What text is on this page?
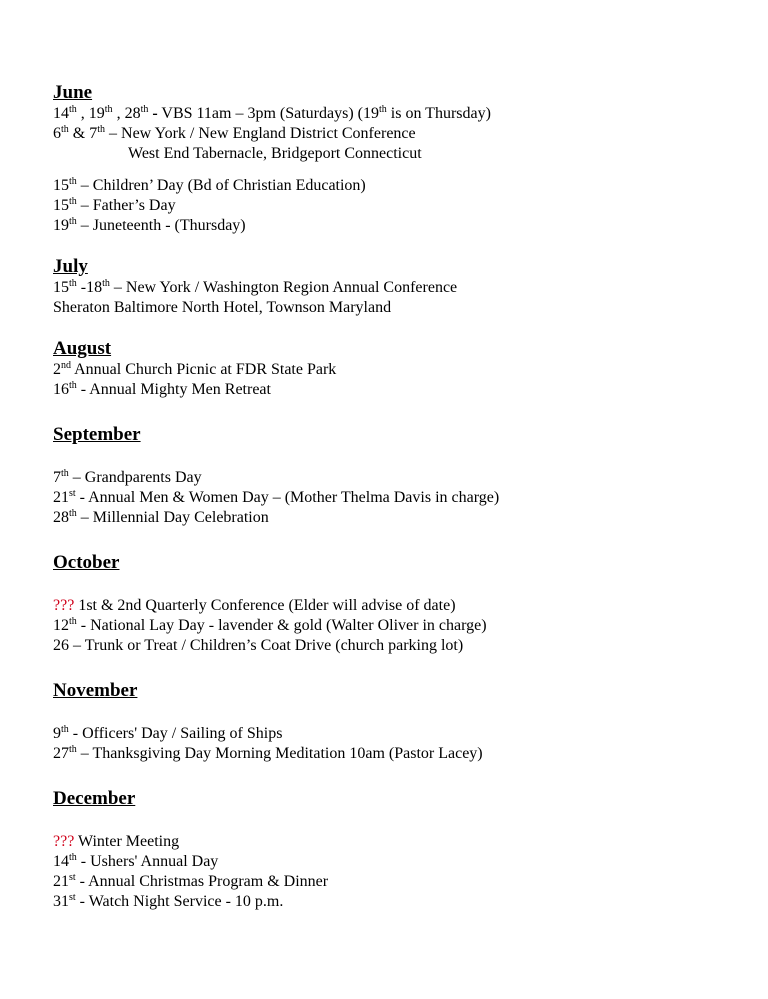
June
14th , 19th , 28th - VBS 11am – 3pm (Saturdays) (19th is on Thursday)
6th & 7th – New York / New England District Conference
West End Tabernacle, Bridgeport Connecticut
15th – Children’ Day (Bd of Christian Education)
15th – Father’s Day
19th – Juneteenth - (Thursday)
July
15th -18th – New York / Washington Region Annual Conference
Sheraton Baltimore North Hotel, Townson Maryland
August
2nd Annual Church Picnic at FDR State Park
16th - Annual Mighty Men Retreat
September
7th – Grandparents Day
21st - Annual Men & Women Day – (Mother Thelma Davis in charge)
28th – Millennial Day Celebration
October
??? 1st & 2nd Quarterly Conference (Elder will advise of date)
12th - National Lay Day - lavender & gold (Walter Oliver in charge)
26 – Trunk or Treat / Children’s Coat Drive (church parking lot)
November
9th - Officers' Day / Sailing of Ships
27th – Thanksgiving Day Morning Meditation 10am (Pastor Lacey)
December
??? Winter Meeting
14th - Ushers' Annual Day
21st - Annual Christmas Program & Dinner
31st - Watch Night Service - 10 p.m.
